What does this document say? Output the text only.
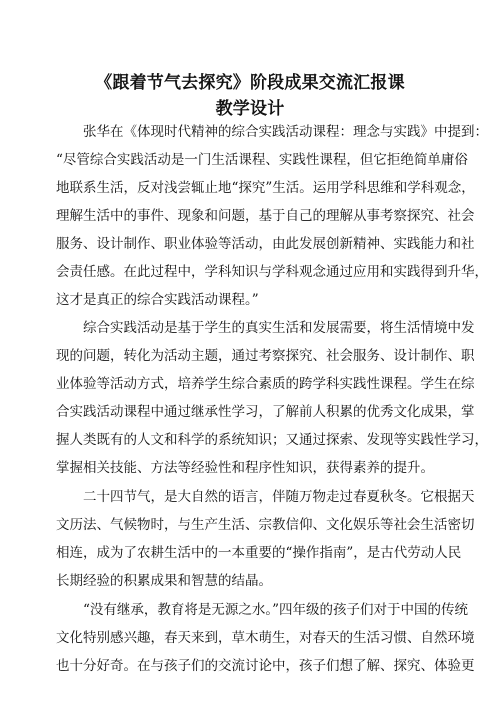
《跟着节气去探究》阶段成果交流汇报课
教学设计
张华在《体现时代精神的综合实践活动课程：理念与实践》中提到：
“尽管综合实践活动是一门生活课程、实践性课程，但它拒绝简单庸俗
地联系生活，反对浅尝辄止地“探究”生活。运用学科思维和学科观念，
理解生活中的事件、现象和问题，基于自己的理解从事考察探究、社会
服务、设计制作、职业体验等活动，由此发展创新精神、实践能力和社
会责任感。在此过程中，学科知识与学科观念通过应用和实践得到升华，
这才是真正的综合实践活动课程。”
综合实践活动是基于学生的真实生活和发展需要，将生活情境中发
现的问题，转化为活动主题，通过考察探究、社会服务、设计制作、职
业体验等活动方式，培养学生综合素质的跨学科实践性课程。学生在综
合实践活动课程中通过继承性学习，了解前人积累的优秀文化成果，掌
握人类既有的人文和科学的系统知识；又通过探索、发现等实践性学习，
掌握相关技能、方法等经验性和程序性知识，获得素养的提升。
二十四节气，是大自然的语言，伴随万物走过春夏秋冬。它根据天
文历法、气候物时，与生产生活、宗教信仰、文化娱乐等社会生活密切
相连，成为了农耕生活中的一本重要的“操作指南”，是古代劳动人民
长期经验的积累成果和智慧的结晶。
“没有继承，教育将是无源之水。”四年级的孩子们对于中国的传统
文化特别感兴趣，春天来到，草木萌生，对春天的生活习惯、自然环境
也十分好奇。在与孩子们的交流讨论中，孩子们想了解、探究、体验更
